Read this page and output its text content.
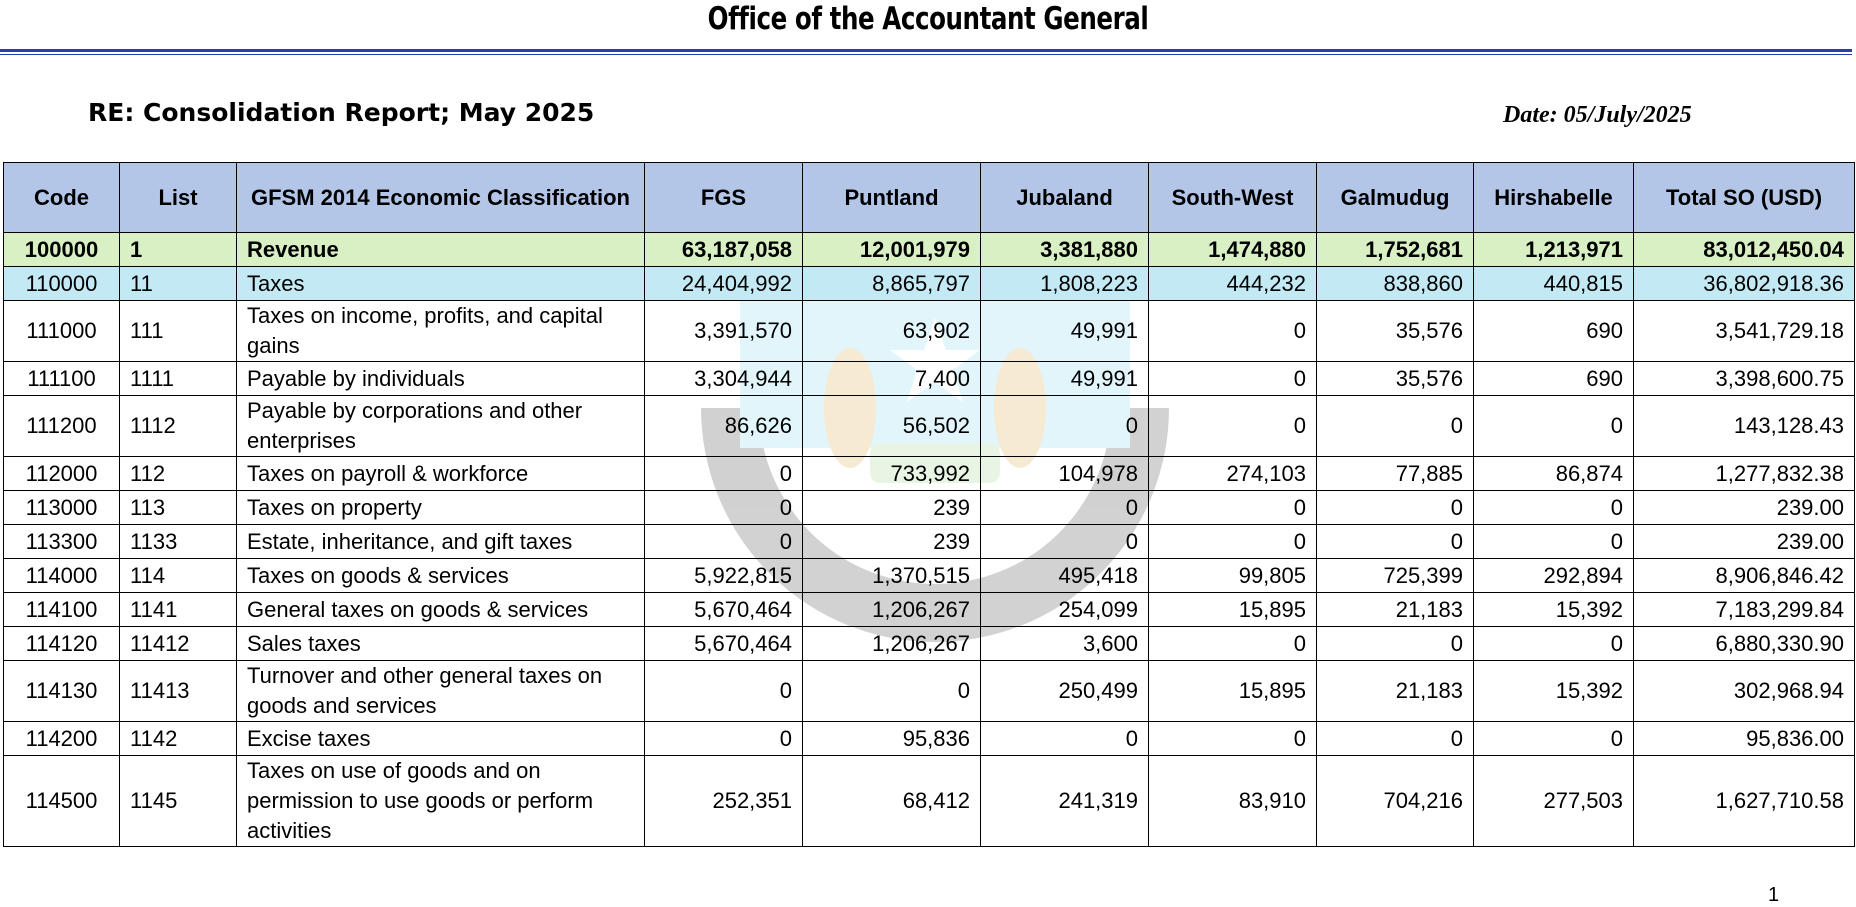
Office of the Accountant General
RE: Consolidation Report; May 2025	Date: 05/July/2025
Code	List	GFSM 2014 Economic Classification	FGS	Puntland	Jubaland	South-West	Galmudug	Hirshabelle	Total SO (USD)
100000	1	Revenue	63,187,058	12,001,979	3,381,880	1,474,880	1,752,681	1,213,971	83,012,450.04
110000	11	Taxes	24,404,992	8,865,797	1,808,223	444,232	838,860	440,815	36,802,918.36
111000	111	Taxes on income, profits, and capital gains	3,391,570	63,902	49,991	0	35,576	690	3,541,729.18
111100	1111	Payable by individuals	3,304,944	7,400	49,991	0	35,576	690	3,398,600.75
111200	1112	Payable by corporations and other enterprises	86,626	56,502	0	0	0	0	143,128.43
112000	112	Taxes on payroll & workforce	0	733,992	104,978	274,103	77,885	86,874	1,277,832.38
113000	113	Taxes on property	0	239	0	0	0	0	239.00
113300	1133	Estate, inheritance, and gift taxes	0	239	0	0	0	0	239.00
114000	114	Taxes on goods & services	5,922,815	1,370,515	495,418	99,805	725,399	292,894	8,906,846.42
114100	1141	General taxes on goods & services	5,670,464	1,206,267	254,099	15,895	21,183	15,392	7,183,299.84
114120	11412	Sales taxes	5,670,464	1,206,267	3,600	0	0	0	6,880,330.90
114130	11413	Turnover and other general taxes on goods and services	0	0	250,499	15,895	21,183	15,392	302,968.94
114200	1142	Excise taxes	0	95,836	0	0	0	0	95,836.00
114500	1145	Taxes on use of goods and on permission to use goods or perform activities	252,351	68,412	241,319	83,910	704,216	277,503	1,627,710.58
1
